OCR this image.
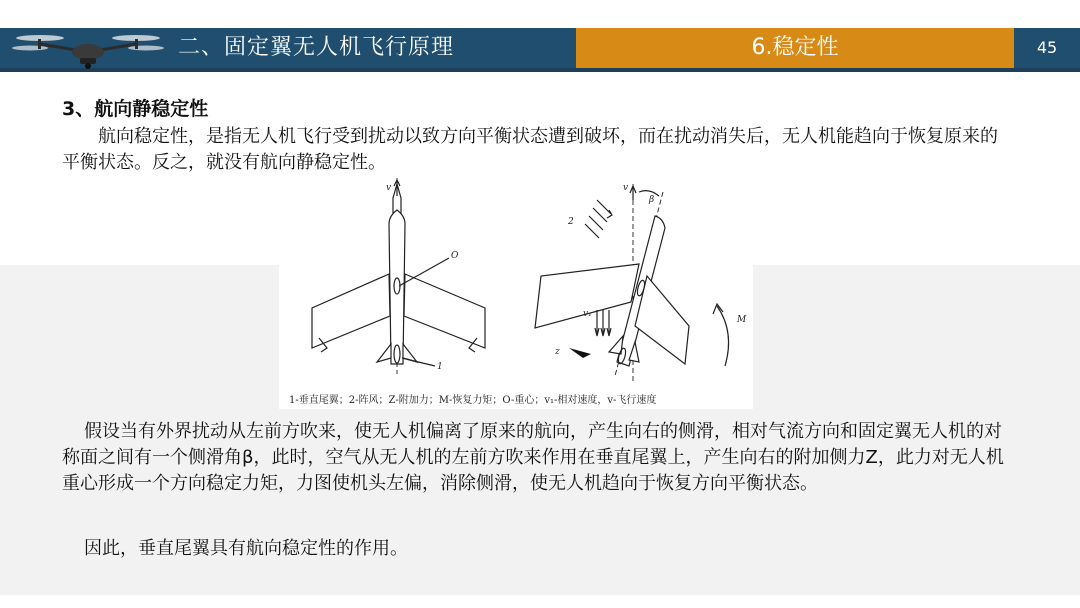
二、固定翼无人机飞行原理	6.稳定性	45
3、航向静稳定性

航向稳定性，是指无人机飞行受到扰动以致方向平衡状态遭到破坏，而在扰动消失后，无人机能趋向于恢复原来的平衡状态。反之，就没有航向静稳定性。

v
O
1
v
β
2
M
v₁
z
1-垂直尾翼；2-阵风；Z-附加力；M-恢复力矩；O-重心；v₁-相对速度，v-飞行速度

假设当有外界扰动从左前方吹来，使无人机偏离了原来的航向，产生向右的侧滑，相对气流方向和固定翼无人机的对称面之间有一个侧滑角β，此时，空气从无人机的左前方吹来作用在垂直尾翼上，产生向右的附加侧力Z，此力对无人机重心形成一个方向稳定力矩，力图使机头左偏，消除侧滑，使无人机趋向于恢复方向平衡状态。

因此，垂直尾翼具有航向稳定性的作用。
